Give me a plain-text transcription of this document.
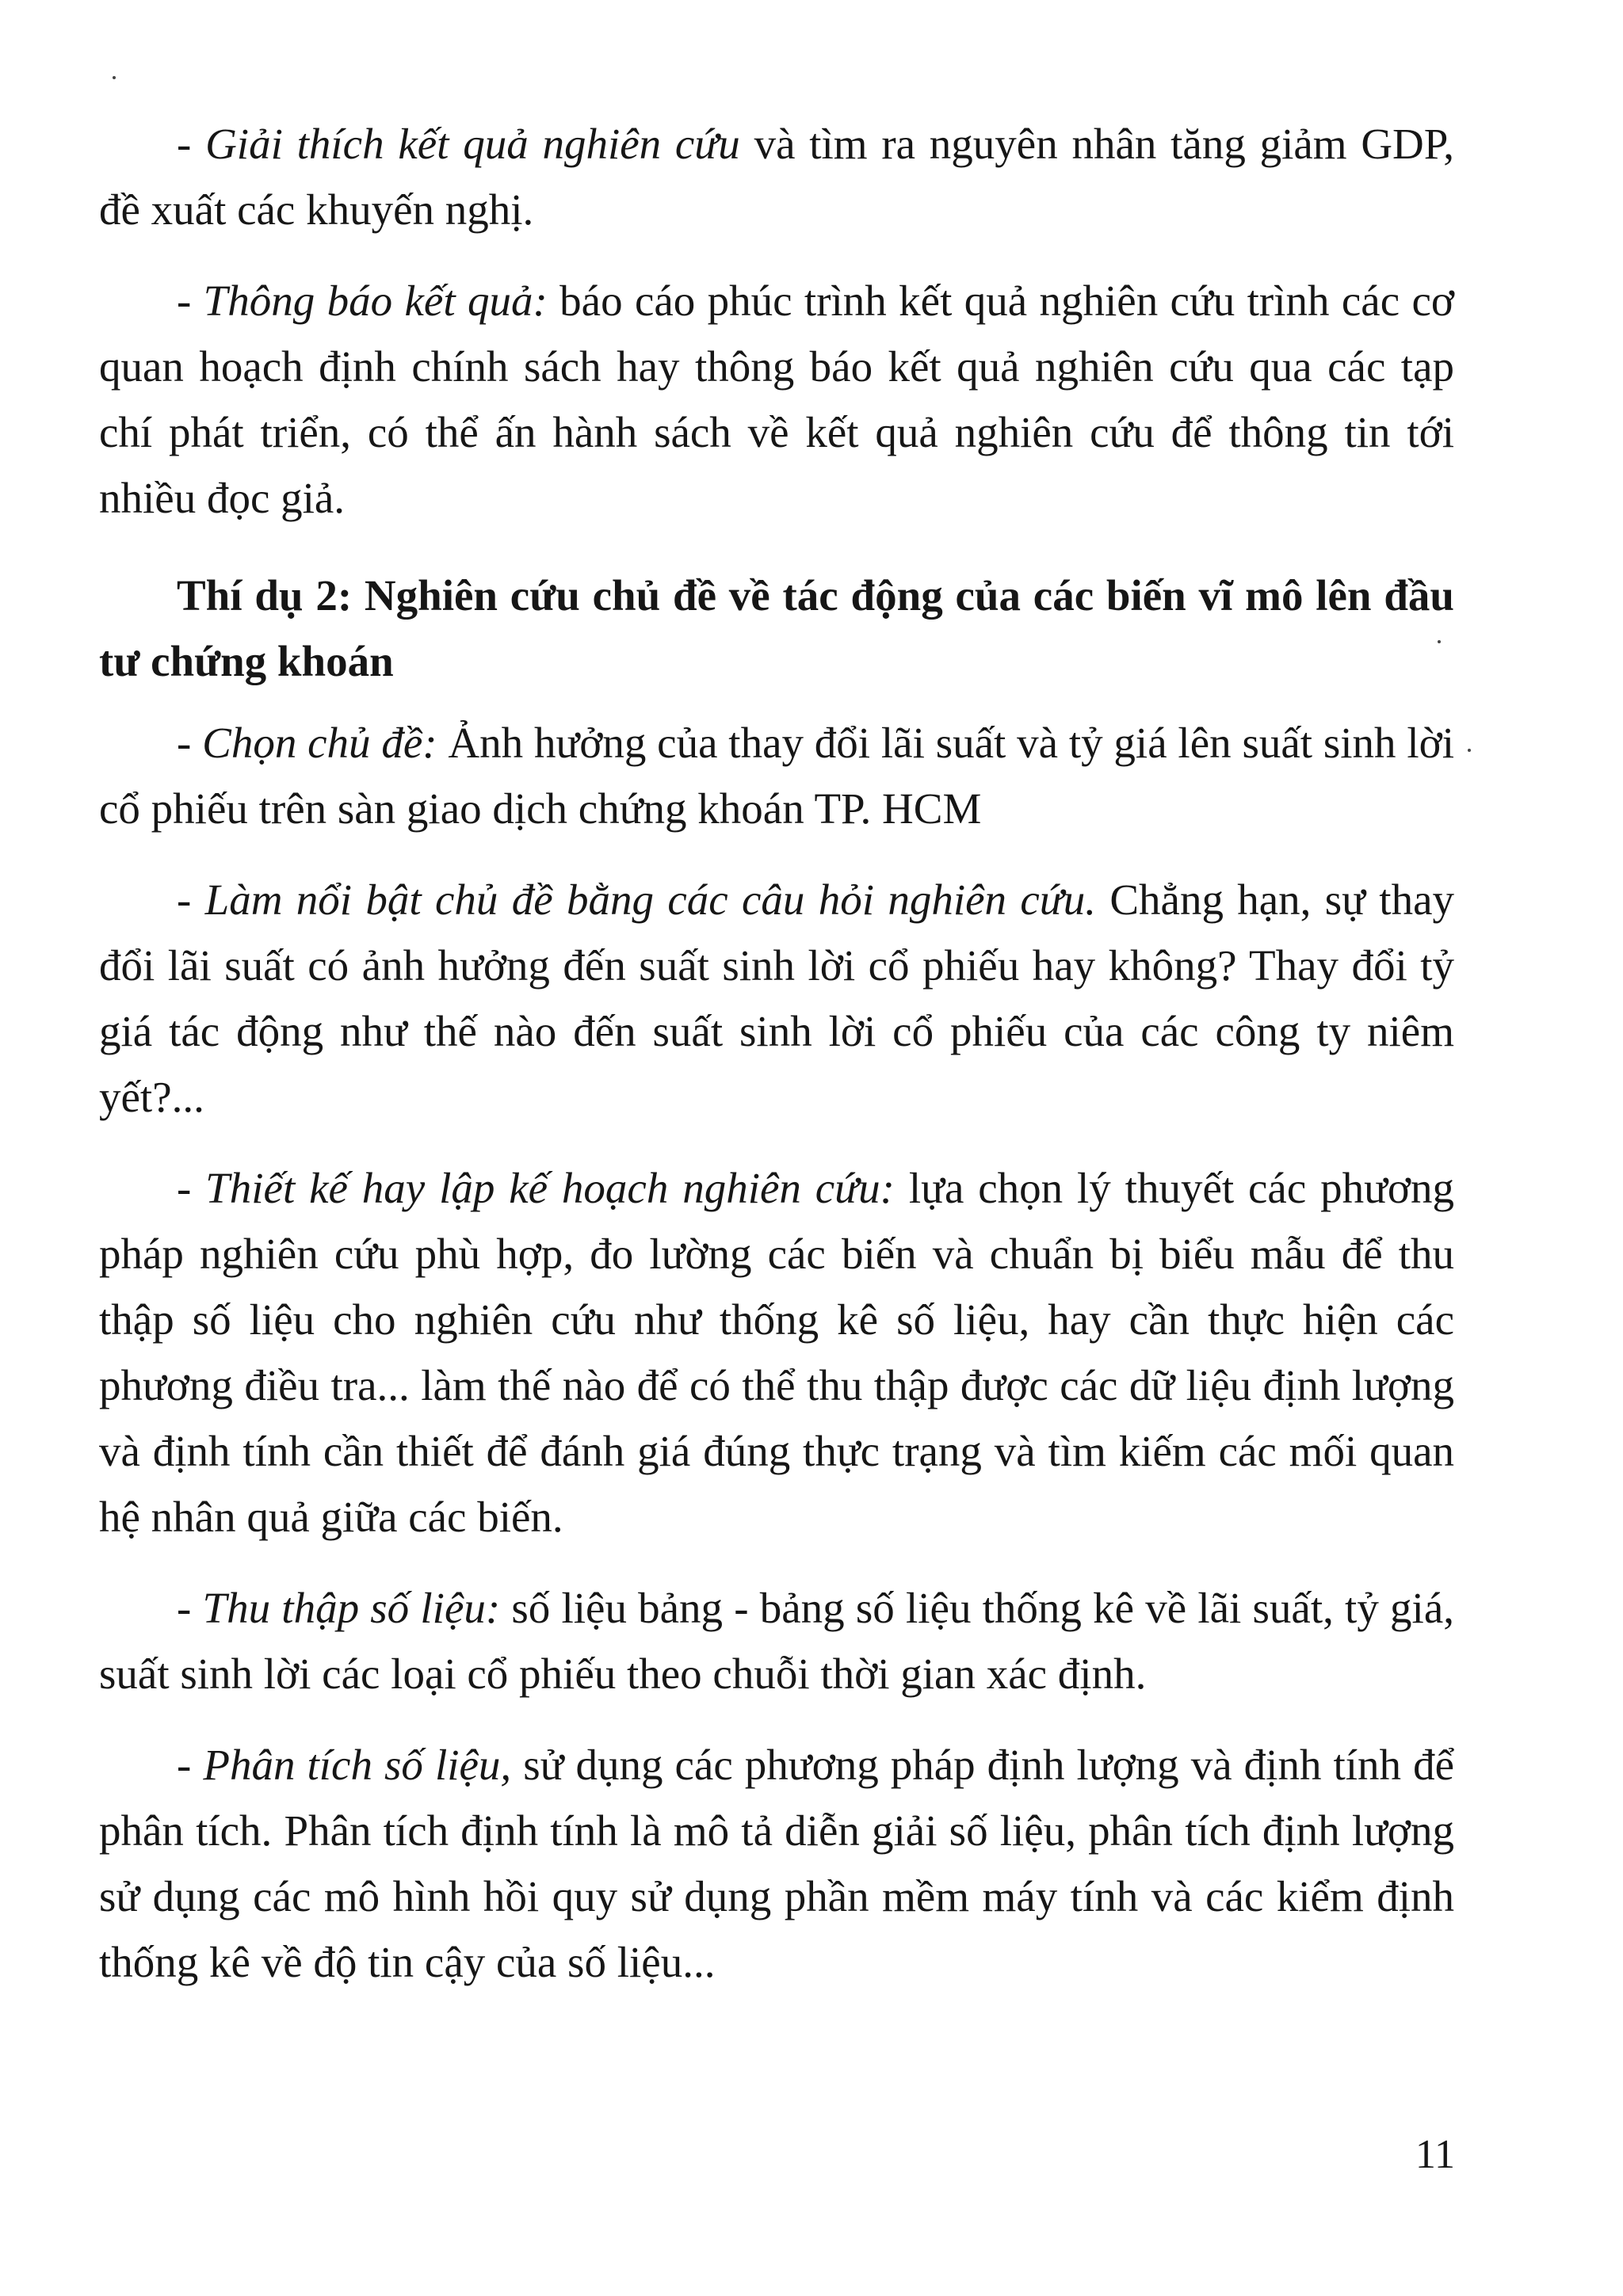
- Giải thích kết quả nghiên cứu và tìm ra nguyên nhân tăng giảm GDP, đề xuất các khuyến nghị.

- Thông báo kết quả: báo cáo phúc trình kết quả nghiên cứu trình các cơ quan hoạch định chính sách hay thông báo kết quả nghiên cứu qua các tạp chí phát triển, có thể ấn hành sách về kết quả nghiên cứu để thông tin tới nhiều đọc giả.

Thí dụ 2: Nghiên cứu chủ đề về tác động của các biến vĩ mô lên đầu tư chứng khoán

- Chọn chủ đề: Ảnh hưởng của thay đổi lãi suất và tỷ giá lên suất sinh lời cổ phiếu trên sàn giao dịch chứng khoán TP. HCM

- Làm nổi bật chủ đề bằng các câu hỏi nghiên cứu. Chẳng hạn, sự thay đổi lãi suất có ảnh hưởng đến suất sinh lời cổ phiếu hay không? Thay đổi tỷ giá tác động như thế nào đến suất sinh lời cổ phiếu của các công ty niêm yết?...

- Thiết kế hay lập kế hoạch nghiên cứu: lựa chọn lý thuyết các phương pháp nghiên cứu phù hợp, đo lường các biến và chuẩn bị biểu mẫu để thu thập số liệu cho nghiên cứu như thống kê số liệu, hay cần thực hiện các phương điều tra... làm thế nào để có thể thu thập được các dữ liệu định lượng và định tính cần thiết để đánh giá đúng thực trạng và tìm kiếm các mối quan hệ nhân quả giữa các biến.

- Thu thập số liệu: số liệu bảng - bảng số liệu thống kê về lãi suất, tỷ giá, suất sinh lời các loại cổ phiếu theo chuỗi thời gian xác định.

- Phân tích số liệu, sử dụng các phương pháp định lượng và định tính để phân tích. Phân tích định tính là mô tả diễn giải số liệu, phân tích định lượng sử dụng các mô hình hồi quy sử dụng phần mềm máy tính và các kiểm định thống kê về độ tin cậy của số liệu...

11
